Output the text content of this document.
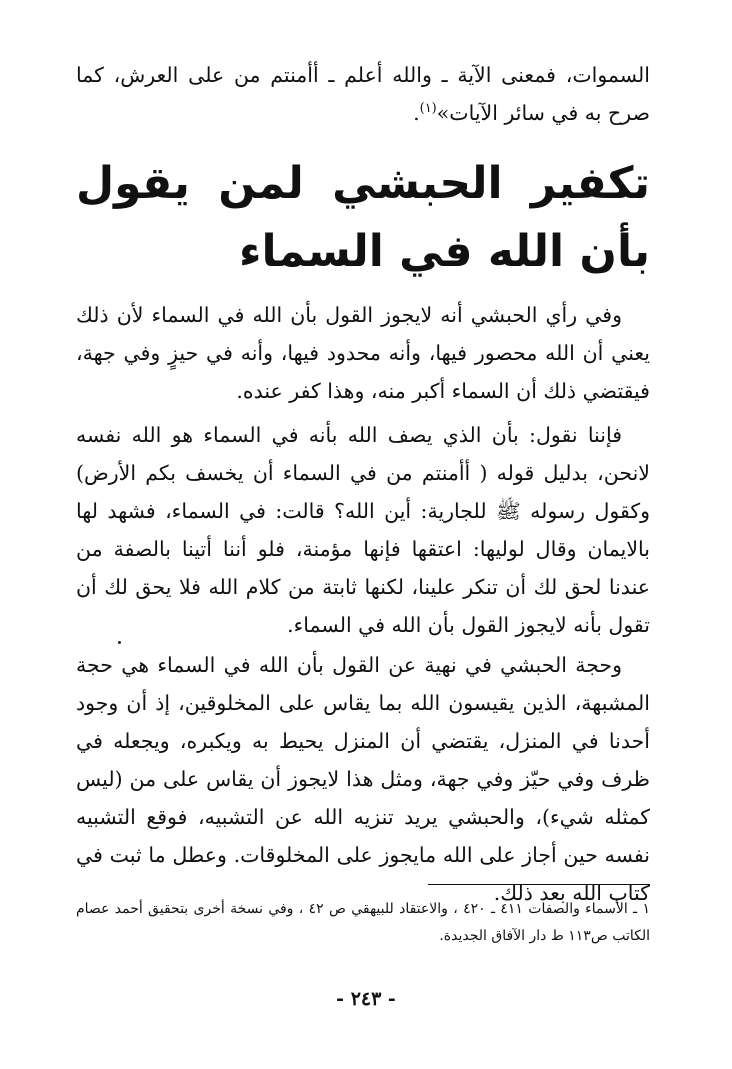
السموات، فمعنى الآية ـ والله أعلم ـ أأمنتم من على العرش، كما صرح به في سائر الآيات»$^{(١)}$.

تكفير الحبشي لمن يقول بأن الله في السماء

وفي رأي الحبشي أنه لايجوز القول بأن الله في السماء لأن ذلك يعني أن الله محصور فيها، وأنه محدود فيها، وأنه في حيزٍ وفي جهة، فيقتضي ذلك أن السماء أكبر منه، وهذا كفر عنده.

فإننا نقول: بأن الذي يصف الله بأنه في السماء هو الله نفسه لانحن، بدليل قوله ( أأمنتم من في السماء أن يخسف بكم الأرض) وكقول رسوله ﷺ للجارية: أين الله؟ قالت: في السماء، فشهد لها بالايمان وقال لوليها: اعتقها فإنها مؤمنة، فلو أننا أتينا بالصفة من عندنا لحق لك أن تنكر علينا، لكنها ثابتة من كلام الله فلا يحق لك أن تقول بأنه لايجوز القول بأن الله في السماء.

وحجة الحبشي في نهية عن القول بأن الله في السماء هي حجة المشبهة، الذين يقيسون الله بما يقاس على المخلوقين، إذ أن وجود أحدنا في المنزل، يقتضي أن المنزل يحيط به ويكبره، ويجعله في ظرف وفي حيّز وفي جهة، ومثل هذا لايجوز أن يقاس على من (ليس كمثله شيء)، والحبشي يريد تنزيه الله عن التشبيه، فوقع التشبيه نفسه حين أجاز على الله مايجوز على المخلوقات. وعطل ما ثبت في كتاب الله بعد ذلك.

١ ـ الأسماء والصفات ٤١١ ـ ٤٢٠ ، والاعتقاد للبيهقي ص ٤٢ ، وفي نسخة أخرى بتحقيق أحمد عصام الكاتب ص١١٣ ط دار الآفاق الجديدة.

- ٢٤٣ -
